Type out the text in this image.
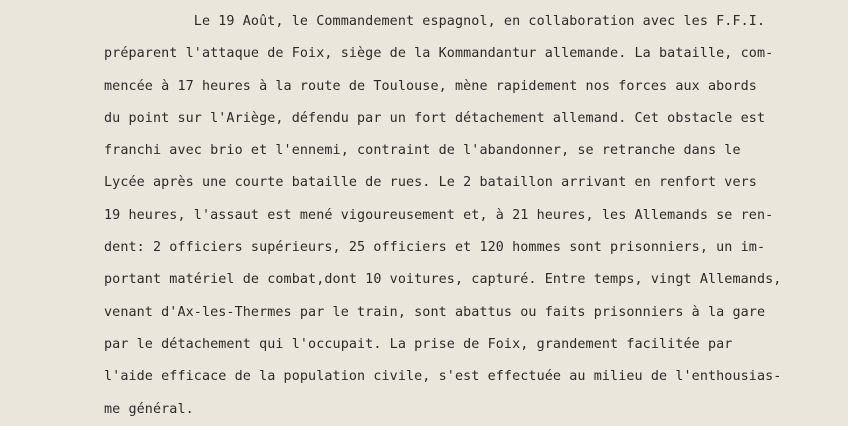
Le 19 Août, le Commandement espagnol, en collaboration avec les F.F.I.
préparent l'attaque de Foix, siège de la Kommandantur allemande. La bataille, com-
mencée à 17 heures à la route de Toulouse, mène rapidement nos forces aux abords
du point sur l'Ariège, défendu par un fort détachement allemand. Cet obstacle est
franchi avec brio et l'ennemi, contraint de l'abandonner, se retranche dans le
Lycée après une courte bataille de rues. Le 2 bataillon arrivant en renfort vers
19 heures, l'assaut est mené vigoureusement et, à 21 heures, les Allemands se ren-
dent: 2 officiers supérieurs, 25 officiers et 120 hommes sont prisonniers, un im-
portant matériel de combat,dont 10 voitures, capturé. Entre temps, vingt Allemands,
venant d'Ax-les-Thermes par le train, sont abattus ou faits prisonniers à la gare
par le détachement qui l'occupait. La prise de Foix, grandement facilitée par
l'aide efficace de la population civile, s'est effectuée au milieu de l'enthousias-
me général.
